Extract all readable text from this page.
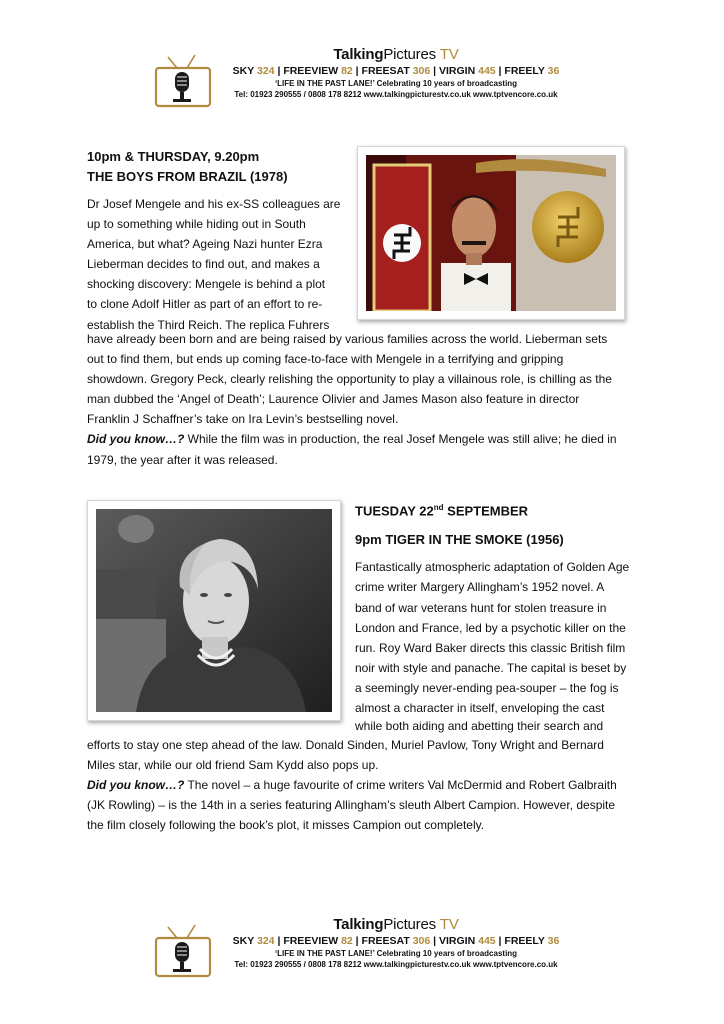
TalkingPictures TV
SKY 324 | FREEVIEW 82 | FREESAT 306 | VIRGIN 445 | FREELY 36
‘LIFE IN THE PAST LANE!’ Celebrating 10 years of broadcasting
Tel: 01923 290555 / 0808 178 8212 www.talkingpicturestv.co.uk www.tptvencore.co.uk

10pm & THURSDAY, 9.20pm

THE BOYS FROM BRAZIL (1978)

Dr Josef Mengele and his ex-SS colleagues are

up to something while hiding out in South

America, but what? Ageing Nazi hunter Ezra

Lieberman decides to find out, and makes a

shocking discovery: Mengele is behind a plot

to clone Adolf Hitler as part of an effort to re-

establish the Third Reich. The replica Fuhrers

have already been born and are being raised by various families across the world. Lieberman sets

out to find them, but ends up coming face-to-face with Mengele in a terrifying and gripping

showdown. Gregory Peck, clearly relishing the opportunity to play a villainous role, is chilling as the

man dubbed the ‘Angel of Death’; Laurence Olivier and James Mason also feature in director

Franklin J Schaffner’s take on Ira Levin’s bestselling novel.

Did you know…? While the film was in production, the real Josef Mengele was still alive; he died in

1979, the year after it was released.

TUESDAY 22nd SEPTEMBER

9pm TIGER IN THE SMOKE (1956)

Fantastically atmospheric adaptation of Golden Age

crime writer Margery Allingham’s 1952 novel. A

band of war veterans hunt for stolen treasure in

London and France, led by a psychotic killer on the

run. Roy Ward Baker directs this classic British film

noir with style and panache. The capital is beset by

a seemingly never-ending pea-souper – the fog is

almost a character in itself, enveloping the cast

while both aiding and abetting their search and

efforts to stay one step ahead of the law. Donald Sinden, Muriel Pavlow, Tony Wright and Bernard

Miles star, while our old friend Sam Kydd also pops up.

Did you know…? The novel – a huge favourite of crime writers Val McDermid and Robert Galbraith

(JK Rowling) – is the 14th in a series featuring Allingham’s sleuth Albert Campion. However, despite

the film closely following the book’s plot, it misses Campion out completely.

TalkingPictures TV
SKY 324 | FREEVIEW 82 | FREESAT 306 | VIRGIN 445 | FREELY 36
‘LIFE IN THE PAST LANE!’ Celebrating 10 years of broadcasting
Tel: 01923 290555 / 0808 178 8212 www.talkingpicturestv.co.uk www.tptvencore.co.uk
